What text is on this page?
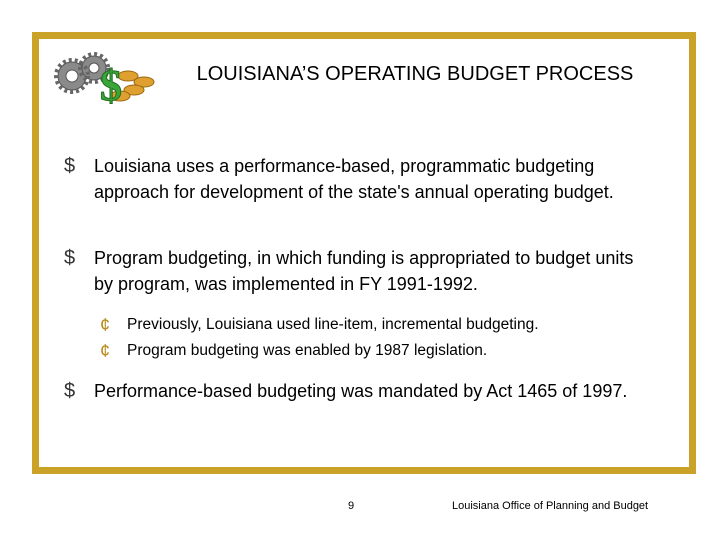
$	LOUISIANA’S OPERATING BUDGET PROCESS
$ Louisiana uses a performance-based, programmatic budgeting approach for development of the state's annual operating budget.
$ Program budgeting, in which funding is appropriated to budget units by program, was implemented in FY 1991-1992.
¢ Previously, Louisiana used line-item, incremental budgeting.
¢ Program budgeting was enabled by 1987 legislation.
$ Performance-based budgeting was mandated by Act 1465 of 1997.
9	Louisiana Office of Planning and Budget
